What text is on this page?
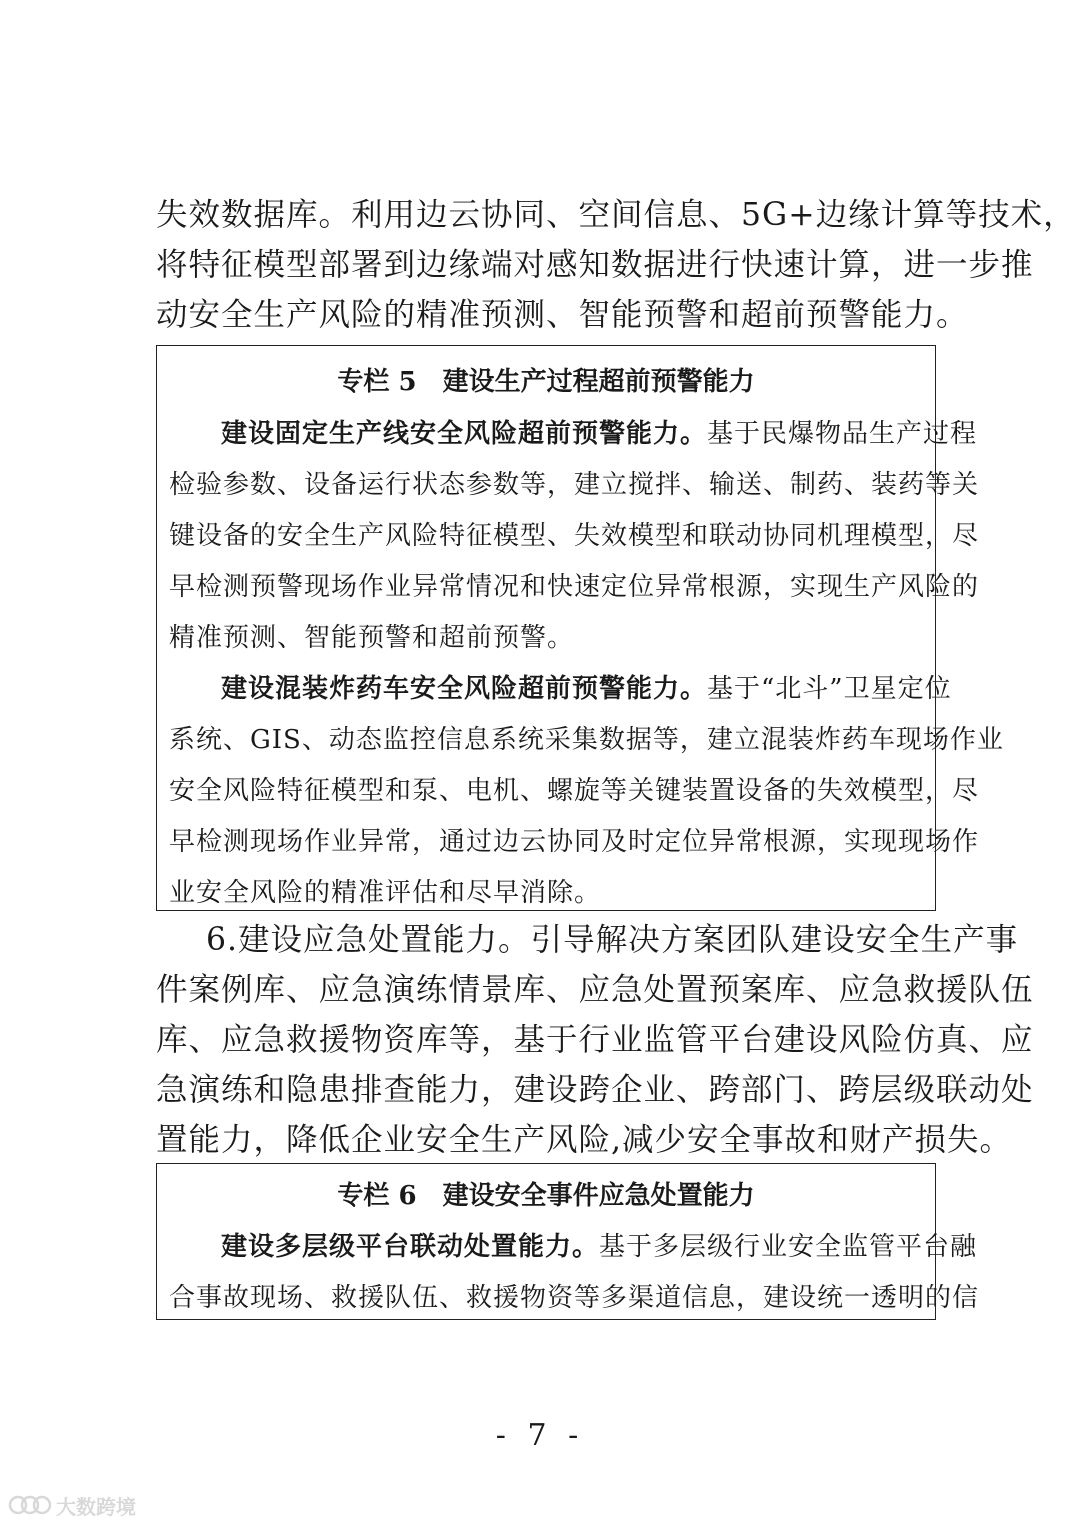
失效数据库。利用边云协同、空间信息、5G+边缘计算等技术，
将特征模型部署到边缘端对感知数据进行快速计算，进一步推
动安全生产风险的精准预测、智能预警和超前预警能力。

专栏 5　建设生产过程超前预警能力

建设固定生产线安全风险超前预警能力。基于民爆物品生产过程
检验参数、设备运行状态参数等，建立搅拌、输送、制药、装药等关
键设备的安全生产风险特征模型、失效模型和联动协同机理模型，尽
早检测预警现场作业异常情况和快速定位异常根源，实现生产风险的
精准预测、智能预警和超前预警。
建设混装炸药车安全风险超前预警能力。基于“北斗”卫星定位
系统、GIS、动态监控信息系统采集数据等，建立混装炸药车现场作业
安全风险特征模型和泵、电机、螺旋等关键装置设备的失效模型，尽
早检测现场作业异常，通过边云协同及时定位异常根源，实现现场作
业安全风险的精准评估和尽早消除。
6.建设应急处置能力。引导解决方案团队建设安全生产事
件案例库、应急演练情景库、应急处置预案库、应急救援队伍
库、应急救援物资库等，基于行业监管平台建设风险仿真、应
急演练和隐患排查能力，建设跨企业、跨部门、跨层级联动处
置能力，降低企业安全生产风险,减少安全事故和财产损失。

专栏 6　建设安全事件应急处置能力

建设多层级平台联动处置能力。基于多层级行业安全监管平台融
合事故现场、救援队伍、救援物资等多渠道信息，建设统一透明的信
- 7 -
大数跨境
